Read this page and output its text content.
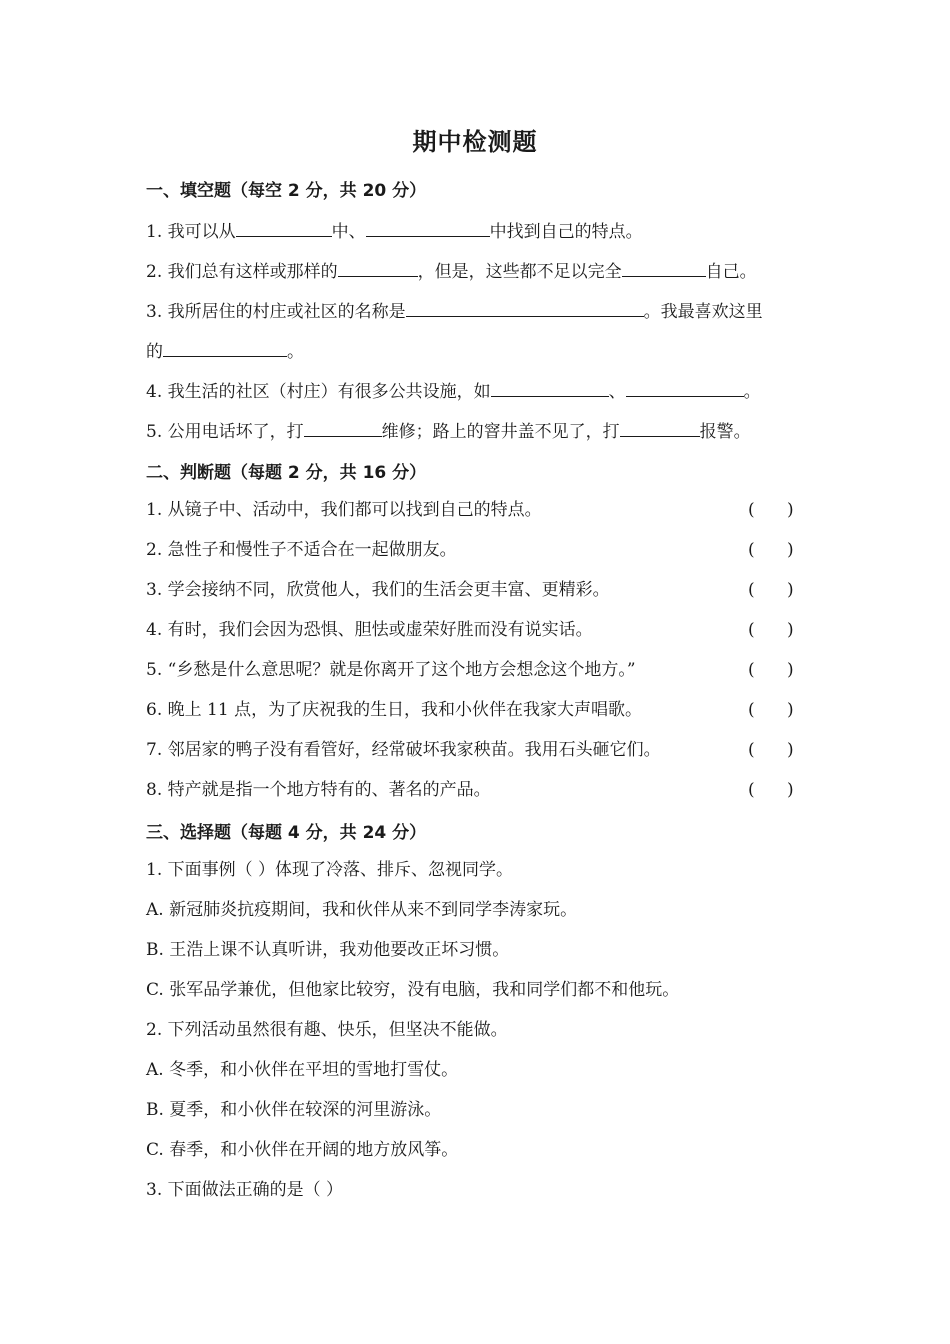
期中检测题
一、填空题（每空 2 分，共 20 分）
1. 我可以从	中、	中找到自己的特点。
2. 我们总有这样或那样的	，但是，这些都不足以完全	自己。
3. 我所居住的村庄或社区的名称是	。我最喜欢这里
的	。
4. 我生活的社区（村庄）有很多公共设施，如	、	。
5. 公用电话坏了，打	维修；路上的窨井盖不见了，打	报警。
二、判断题（每题 2 分，共 16 分）
1. 从镜子中、活动中，我们都可以找到自己的特点。	(      )
2. 急性子和慢性子不适合在一起做朋友。	(      )
3. 学会接纳不同，欣赏他人，我们的生活会更丰富、更精彩。	(      )
4. 有时，我们会因为恐惧、胆怯或虚荣好胜而没有说实话。	(      )
5. “乡愁是什么意思呢？就是你离开了这个地方会想念这个地方。”	(      )
6. 晚上 11 点，为了庆祝我的生日，我和小伙伴在我家大声唱歌。	(      )
7. 邻居家的鸭子没有看管好，经常破坏我家秧苗。我用石头砸它们。	(      )
8. 特产就是指一个地方特有的、著名的产品。	(      )
三、选择题（每题 4 分，共 24 分）
1. 下面事例（ ）体现了冷落、排斥、忽视同学。
A. 新冠肺炎抗疫期间，我和伙伴从来不到同学李涛家玩。
B. 王浩上课不认真听讲，我劝他要改正坏习惯。
C. 张军品学兼优，但他家比较穷，没有电脑，我和同学们都不和他玩。
2. 下列活动虽然很有趣、快乐，但坚决不能做。
A. 冬季，和小伙伴在平坦的雪地打雪仗。
B. 夏季，和小伙伴在较深的河里游泳。
C. 春季，和小伙伴在开阔的地方放风筝。
3. 下面做法正确的是（ ）
